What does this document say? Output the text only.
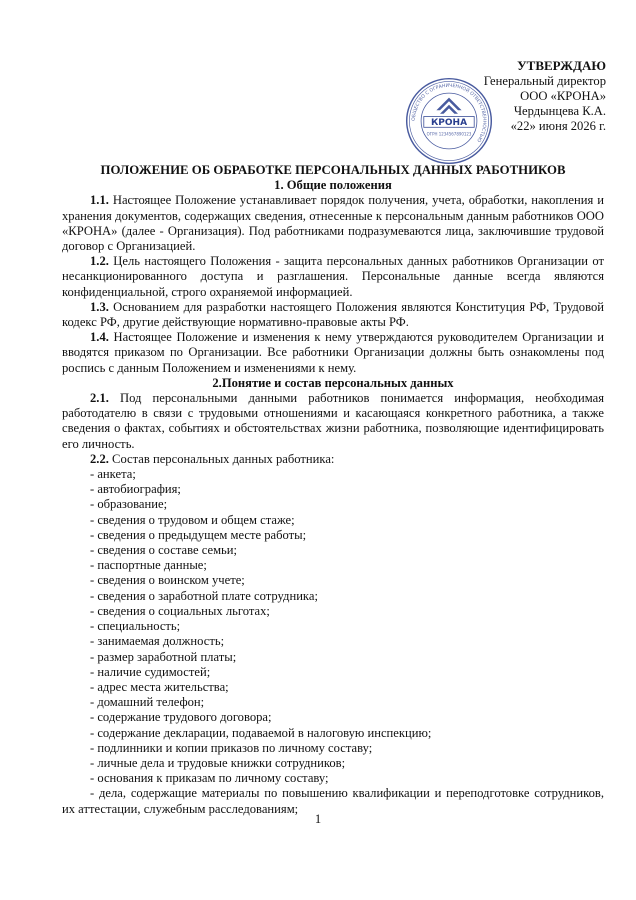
УТВЕРЖДАЮ
Генеральный директор
ООО «КРОНА»
Чердынцева К.А.
«22» июня 2026 г.
ОБЩЕСТВО С ОГРАНИЧЕННОЙ ОТВЕТСТВЕННОСТЬЮ
КРОНА
ОГРН 1234567890123
ПОЛОЖЕНИЕ ОБ ОБРАБОТКЕ ПЕРСОНАЛЬНЫХ ДАННЫХ РАБОТНИКОВ
1. Общие положения

1.1. Настоящее Положение устанавливает порядок получения, учета, обработки, накопления и хранения документов, содержащих сведения, отнесенные к персональным данным работников ООО «КРОНА» (далее - Организация). Под работниками подразумеваются лица, заключившие трудовой договор с Организацией.

1.2. Цель настоящего Положения - защита персональных данных работников Организации от несанкционированного доступа и разглашения. Персональные данные всегда являются конфиденциальной, строго охраняемой информацией.

1.3. Основанием для разработки настоящего Положения являются Конституция РФ, Трудовой кодекс РФ, другие действующие нормативно-правовые акты РФ.

1.4. Настоящее Положение и изменения к нему утверждаются руководителем Организации и вводятся приказом по Организации. Все работники Организации должны быть ознакомлены под роспись с данным Положением и изменениями к нему.

2.Понятие и состав персональных данных

2.1. Под персональными данными работников понимается информация, необходимая работодателю в связи с трудовыми отношениями и касающаяся конкретного работника, а также сведения о фактах, событиях и обстоятельствах жизни работника, позволяющие идентифицировать его личность.

2.2. Состав персональных данных работника:

- анкета;
- автобиография;
- образование;
- сведения о трудовом и общем стаже;
- сведения о предыдущем месте работы;
- сведения о составе семьи;
- паспортные данные;
- сведения о воинском учете;
- сведения о заработной плате сотрудника;
- сведения о социальных льготах;
- специальность;
- занимаемая должность;
- размер заработной платы;
- наличие судимостей;
- адрес места жительства;
- домашний телефон;
- содержание трудового договора;
- содержание декларации, подаваемой в налоговую инспекцию;
- подлинники и копии приказов по личному составу;
- личные дела и трудовые книжки сотрудников;
- основания к приказам по личному составу;

- дела, содержащие материалы по повышению квалификации и переподготовке сотрудников, их аттестации, служебным расследованиям;

1
